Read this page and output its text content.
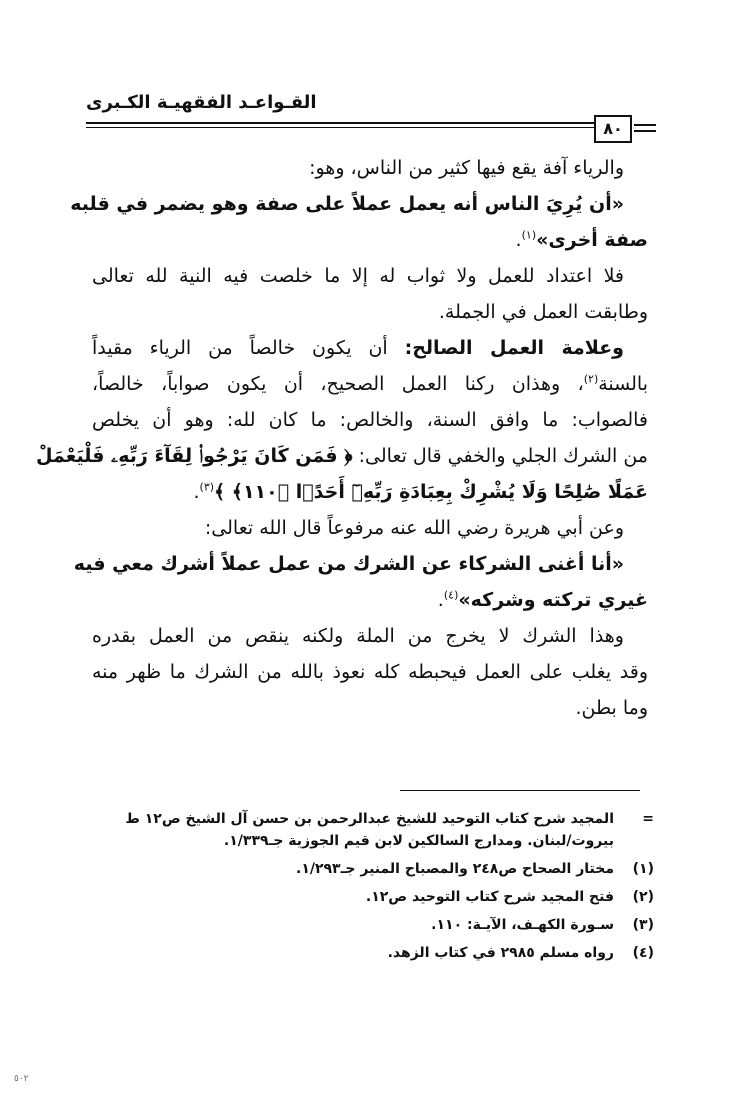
القـواعـد الفقهيـة الكـبرى
٨٠
والرياء آفة يقع فيها كثير من الناس، وهو:
«أن يُرِيَ الناس أنه يعمل عملاً على صفة وهو يضمر في قلبه
صفة أخرى»$^{(١)}$.
فلا اعتداد للعمل ولا ثواب له إلا ما خلصت فيه النية لله تعالى
وطابقت العمل في الجملة.
وعلامة العمل الصالح: أن يكون خالصاً من الرياء مقيداً
بالسنة$^{(٢)}$، وهذان ركنا العمل الصحيح، أن يكون صواباً، خالصاً،
فالصواب: ما وافق السنة، والخالص: ما كان لله: وهو أن يخلص
من الشرك الجلي والخفي قال تعالى: ﴿ فَمَن كَانَ يَرْجُوا۟ لِقَآءَ رَبِّهِۦ فَلْيَعْمَلْ
عَمَلًا صَٰلِحًا وَلَا يُشْرِكْ بِعِبَادَةِ رَبِّهِۦٓ أَحَدًۢا ﴿١١٠﴾ ﴾$^{(٣)}$.
وعن أبي هريرة رضي الله عنه مرفوعاً قال الله تعالى:
«أنا أغنى الشركاء عن الشرك من عمل عملاً أشرك معي فيه
غيري تركته وشركه»$^{(٤)}$.
وهذا الشرك لا يخرج من الملة ولكنه ينقص من العمل بقدره
وقد يغلب على العمل فيحبطه كله نعوذ بالله من الشرك ما ظهر منه
وما بطن.
=
المجيد شرح كتاب التوحيد للشيخ عبدالرحمن بن حسن آل الشيخ ص١٢ ط بيروت/لبنان. ومدارج السالكين لابن قيم الجوزية جـ١/٣٣٩.
(١)
مختار الصحاح ص٢٤٨ والمصباح المنير جـ١/٢٩٣.
(٢)
فتح المجيد شرح كتاب التوحيد ص١٢.
(٣)
سـورة الكهـف، الآيـة: ١١٠.
(٤)
رواه مسلم ٢٩٨٥ في كتاب الزهد.
٥٠٢
